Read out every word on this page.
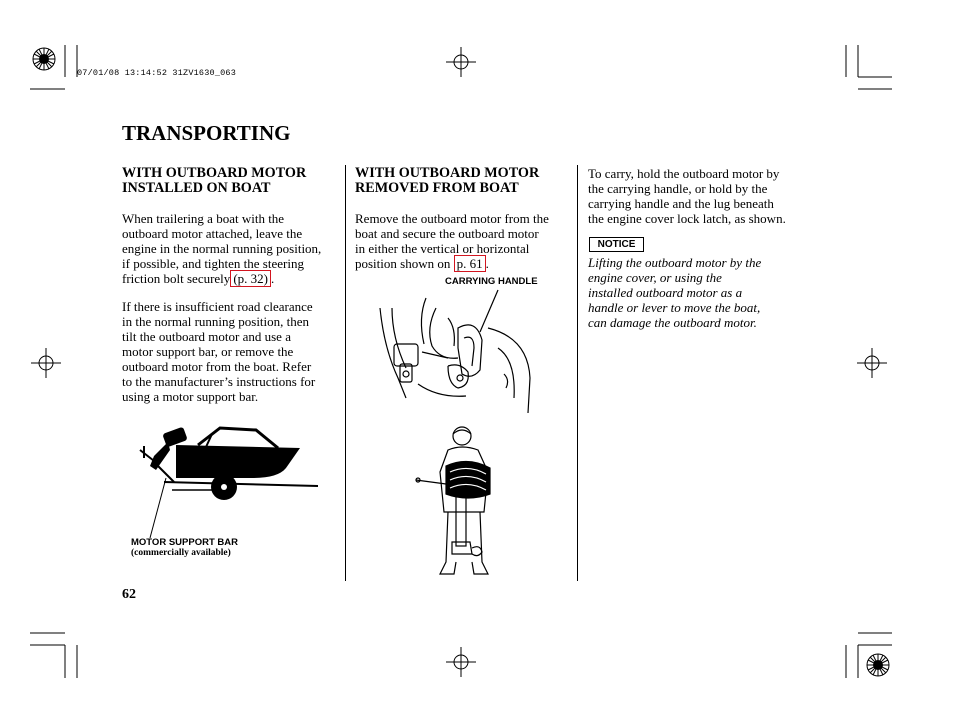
07/01/08 13:14:52 31ZV1630_063
TRANSPORTING
WITH OUTBOARD MOTOR
INSTALLED ON BOAT
When trailering a boat with the
outboard motor attached, leave the
engine in the normal running position,
if possible, and tighten the steering
friction bolt securely (p. 32) .
If there is insufficient road clearance
in the normal running position, then
tilt the outboard motor and use a
motor support bar, or remove the
outboard motor from the boat. Refer
to the manufacturer’s instructions for
using a motor support bar.
MOTOR SUPPORT BAR
(commercially available)
WITH OUTBOARD MOTOR
REMOVED FROM BOAT
Remove the outboard motor from the
boat and secure the outboard motor
in either the vertical or horizontal
position shown on p. 61 .
CARRYING HANDLE
To carry, hold the outboard motor by
the carrying handle, or hold by the
carrying handle and the lug beneath
the engine cover lock latch, as shown.
NOTICE
Lifting the outboard motor by the
engine cover, or using the
installed outboard motor as a
handle or lever to move the boat,
can damage the outboard motor.
62
